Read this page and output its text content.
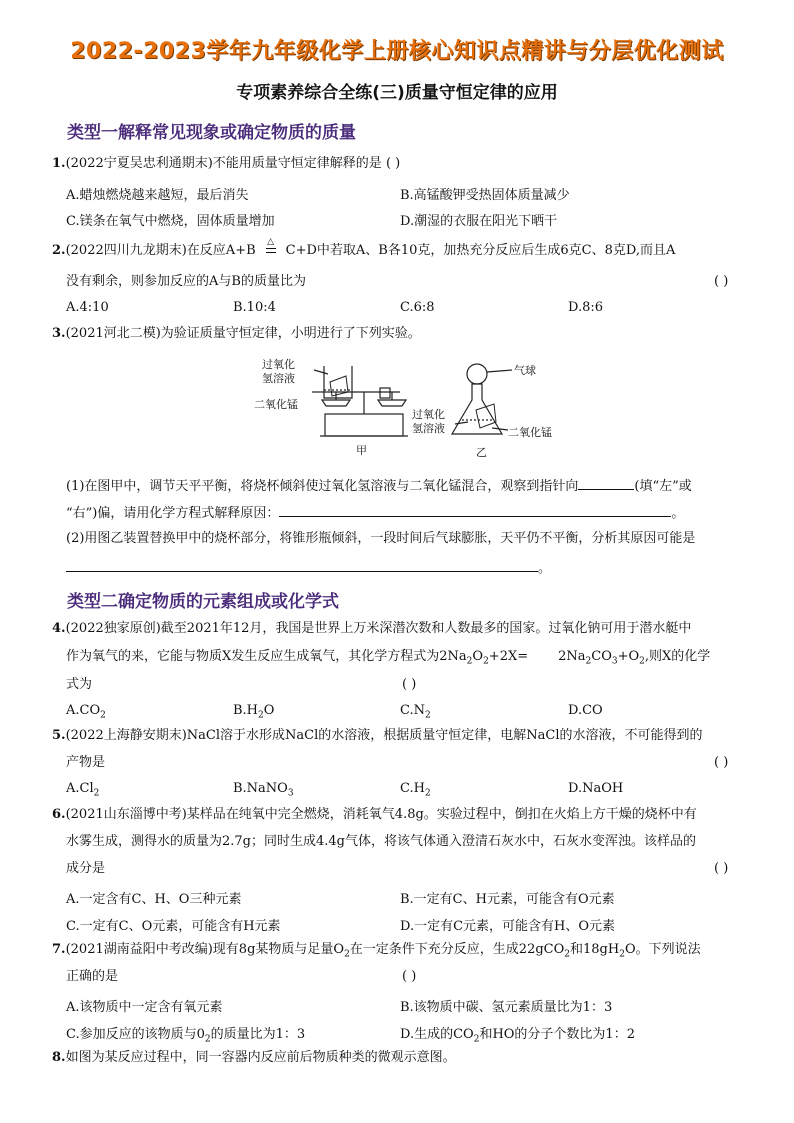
2022-2023学年九年级化学上册核心知识点精讲与分层优化测试
专项素养综合全练(三)质量守恒定律的应用
类型一解释常见现象或确定物质的质量
1.(2022宁夏吴忠利通期末)不能用质量守恒定律解释的是 ( )
A.蜡烛燃烧越来越短，最后消失	B.高锰酸钾受热固体质量减少
C.镁条在氧气中燃烧，固体质量增加	D.潮湿的衣服在阳光下晒干
2.(2022四川九龙期末)在反应A+B
△
C+D中若取A、B各10克，加热充分反应后生成6克C、8克D,而且A
没有剩余，则参加反应的A与B的质量比为	( )
A.4:10	B.10:4	C.6:8	D.8:6
3.(2021河北二模)为验证质量守恒定律，小明进行了下列实验。
过氧化
氢溶液
二氧化锰
甲
气球
过氧化
氢溶液	二氧化锰
乙
(1)在图甲中，调节天平平衡，将烧杯倾斜使过氧化氢溶液与二氧化锰混合，观察到指针向	(填“左”或
“右”)偏，请用化学方程式解释原因：	。
(2)用图乙装置替换甲中的烧杯部分，将锥形瓶倾斜，一段时间后气球膨胀，天平仍不平衡，分析其原因可能是
。
类型二确定物质的元素组成或化学式
4.(2022独家原创)截至2021年12月，我国是世界上万米深潜次数和人数最多的国家。过氧化钠可用于潜水艇中
作为氧气的来，它能与物质X发生反应生成氧气，其化学方程式为$2Na_2O_2+2X= 2Na_2CO_3+O_2$,则X的化学
式为	( )
$A.CO_2$	$B.H_2O$	$C.N_2$	D.CO
5.(2022上海静安期末)NaCl溶于水形成NaCl的水溶液，根据质量守恒定律，电解NaCl的水溶液，不可能得到的
产物是	( )
$A.Cl_2$	B.NaNO$_3$	$C.H_2$	D.NaOH
6.(2021山东淄博中考)某样品在纯氧中完全燃烧，消耗氧气4.8g。实验过程中，倒扣在火焰上方干燥的烧杯中有
水雾生成，测得水的质量为2.7g；同时生成4.4g气体，将该气体通入澄清石灰水中，石灰水变浑浊。该样品的
成分是	( )
A.一定含有C、H、O三种元素	B.一定有C、H元素，可能含有O元素
C.一定有C、O元素，可能含有H元素	D.一定有C元素，可能含有H、O元素
7.(2021湖南益阳中考改编)现有8g某物质与足量$O_2$在一定条件下充分反应，生成22gCO$_2$和$18gH_2O$。下列说法
正确的是	( )
A.该物质中一定含有氧元素	B.该物质中碳、氢元素质量比为1：3
C.参加反应的该物质与$0_2$的质量比为1：3	D.生成的$CO_2$和HO的分子个数比为1：2
8.如图为某反应过程中，同一容器内反应前后物质种类的微观示意图。
